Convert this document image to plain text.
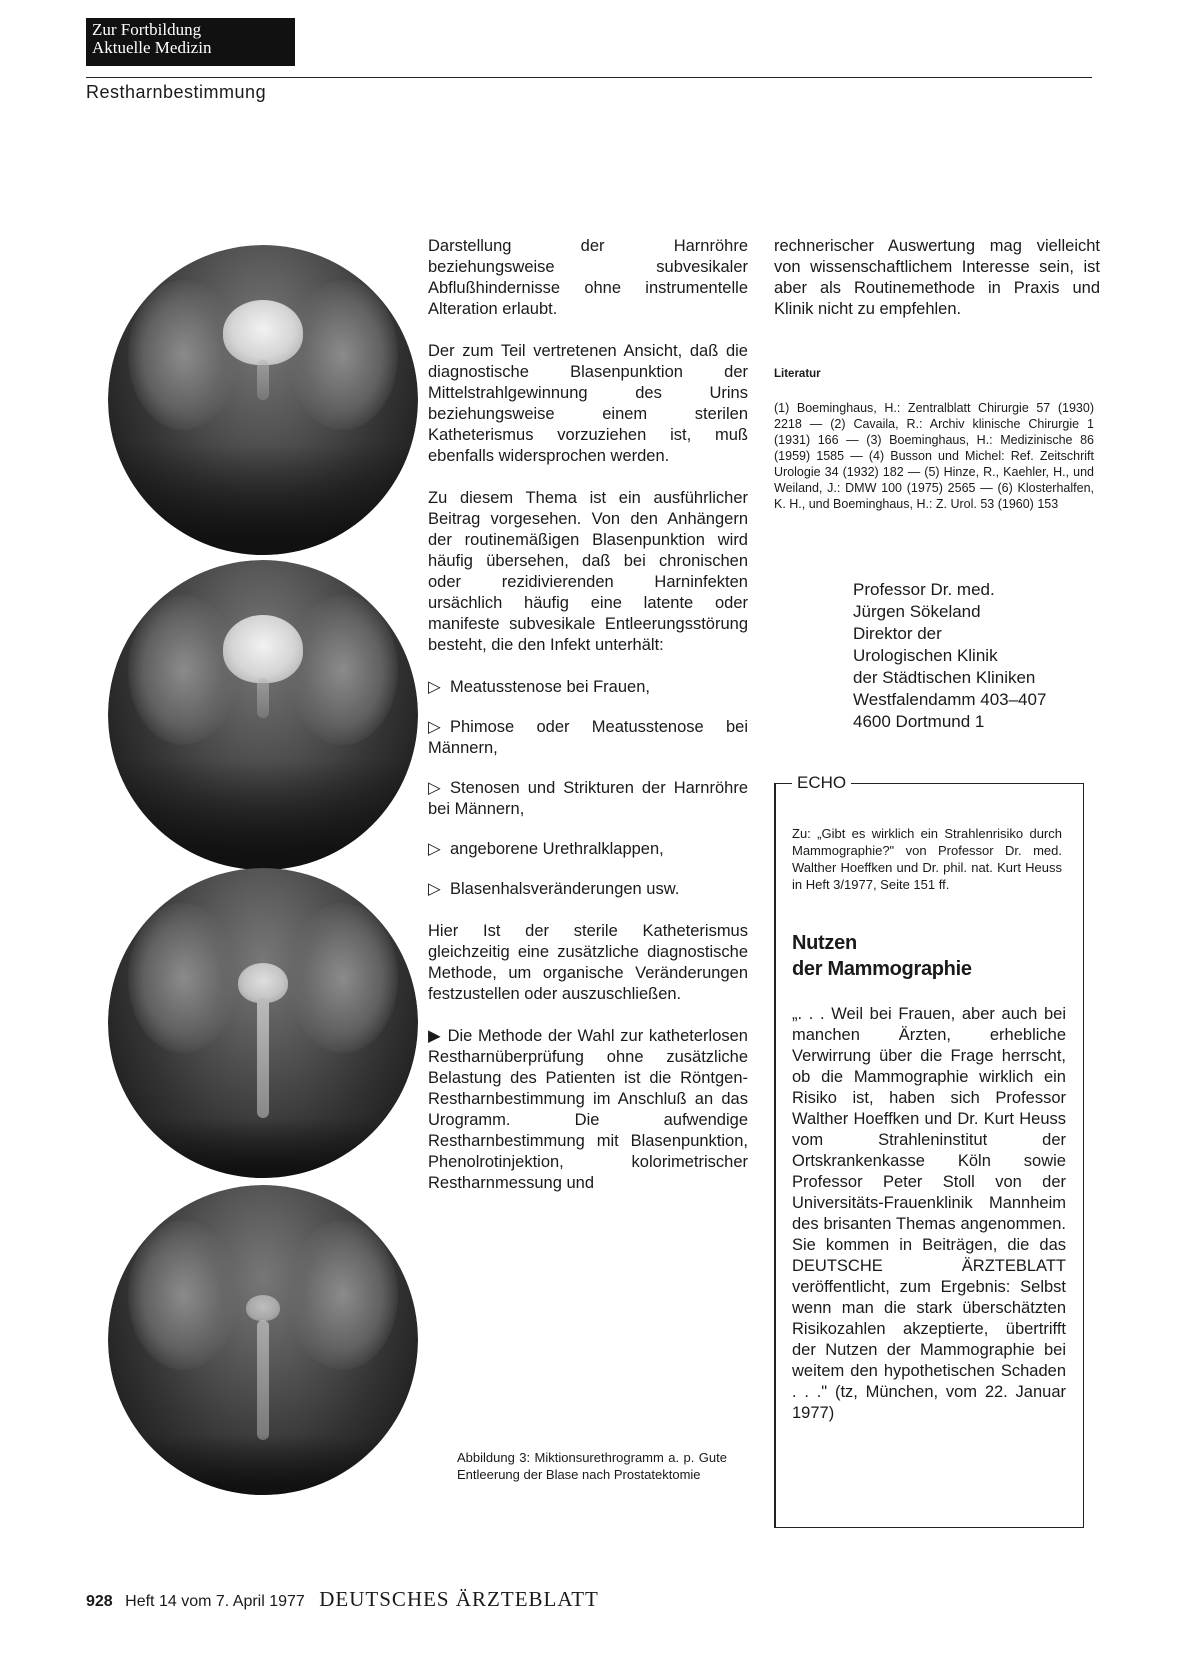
Zur Fortbildung
Aktuelle Medizin
Restharnbestimmung

Darstellung der Harnröhre beziehungsweise subvesikaler Abflußhindernisse ohne instrumentelle Alteration erlaubt.

Der zum Teil vertretenen Ansicht, daß die diagnostische Blasenpunktion der Mittelstrahlgewinnung des Urins beziehungsweise einem sterilen Katheterismus vorzuziehen ist, muß ebenfalls widersprochen werden.

Zu diesem Thema ist ein ausführlicher Beitrag vorgesehen. Von den Anhängern der routinemäßigen Blasenpunktion wird häufig übersehen, daß bei chronischen oder rezidivierenden Harninfekten ursächlich häufig eine latente oder manifeste subvesikale Entleerungsstörung besteht, die den Infekt unterhält:

▷ Meatusstenose bei Frauen,
▷ Phimose oder Meatusstenose bei Männern,
▷ Stenosen und Strikturen der Harnröhre bei Männern,
▷ angeborene Urethralklappen,
▷ Blasenhalsveränderungen usw.

Hier Ist der sterile Katheterismus gleichzeitig eine zusätzliche diagnostische Methode, um organische Veränderungen festzustellen oder auszuschließen.

▶ Die Methode der Wahl zur katheterlosen Restharnüberprüfung ohne zusätzliche Belastung des Patienten ist die Röntgen-Restharnbestimmung im Anschluß an das Urogramm. Die aufwendige Restharnbestimmung mit Blasenpunktion, Phenolrotinjektion, kolorimetrischer Restharnmessung und

rechnerischer Auswertung mag vielleicht von wissenschaftlichem Interesse sein, ist aber als Routinemethode in Praxis und Klinik nicht zu empfehlen.

Literatur
(1) Boeminghaus, H.: Zentralblatt Chirurgie 57 (1930) 2218 — (2) Cavaila, R.: Archiv klinische Chirurgie 1 (1931) 166 — (3) Boeminghaus, H.: Medizinische 86 (1959) 1585 — (4) Busson und Michel: Ref. Zeitschrift Urologie 34 (1932) 182 — (5) Hinze, R., Kaehler, H., und Weiland, J.: DMW 100 (1975) 2565 — (6) Klosterhalfen, K. H., und Boeminghaus, H.: Z. Urol. 53 (1960) 153
Professor Dr. med.
Jürgen Sökeland
Direktor der
Urologischen Klinik
der Städtischen Kliniken
Westfalendamm 403–407
4600 Dortmund 1
ECHO
Zu: „Gibt es wirklich ein Strahlenrisiko durch Mammographie?" von Professor Dr. med. Walther Hoeffken und Dr. phil. nat. Kurt Heuss in Heft 3/1977, Seite 151 ff.
Nutzen
der Mammographie
„. . . Weil bei Frauen, aber auch bei manchen Ärzten, erhebliche Verwirrung über die Frage herrscht, ob die Mammographie wirklich ein Risiko ist, haben sich Professor Walther Hoeffken und Dr. Kurt Heuss vom Strahleninstitut der Ortskrankenkasse Köln sowie Professor Peter Stoll von der Universitäts-Frauenklinik Mannheim des brisanten Themas angenommen. Sie kommen in Beiträgen, die das DEUTSCHE ÄRZTEBLATT veröffentlicht, zum Ergebnis: Selbst wenn man die stark überschätzten Risikozahlen akzeptierte, übertrifft der Nutzen der Mammographie bei weitem den hypothetischen Schaden . . ." (tz, München, vom 22. Januar 1977)
Abbildung 3: Miktionsurethrogramm a. p. Gute Entleerung der Blase nach Prostatektomie
928 Heft 14 vom 7. April 1977 DEUTSCHES ÄRZTEBLATT
